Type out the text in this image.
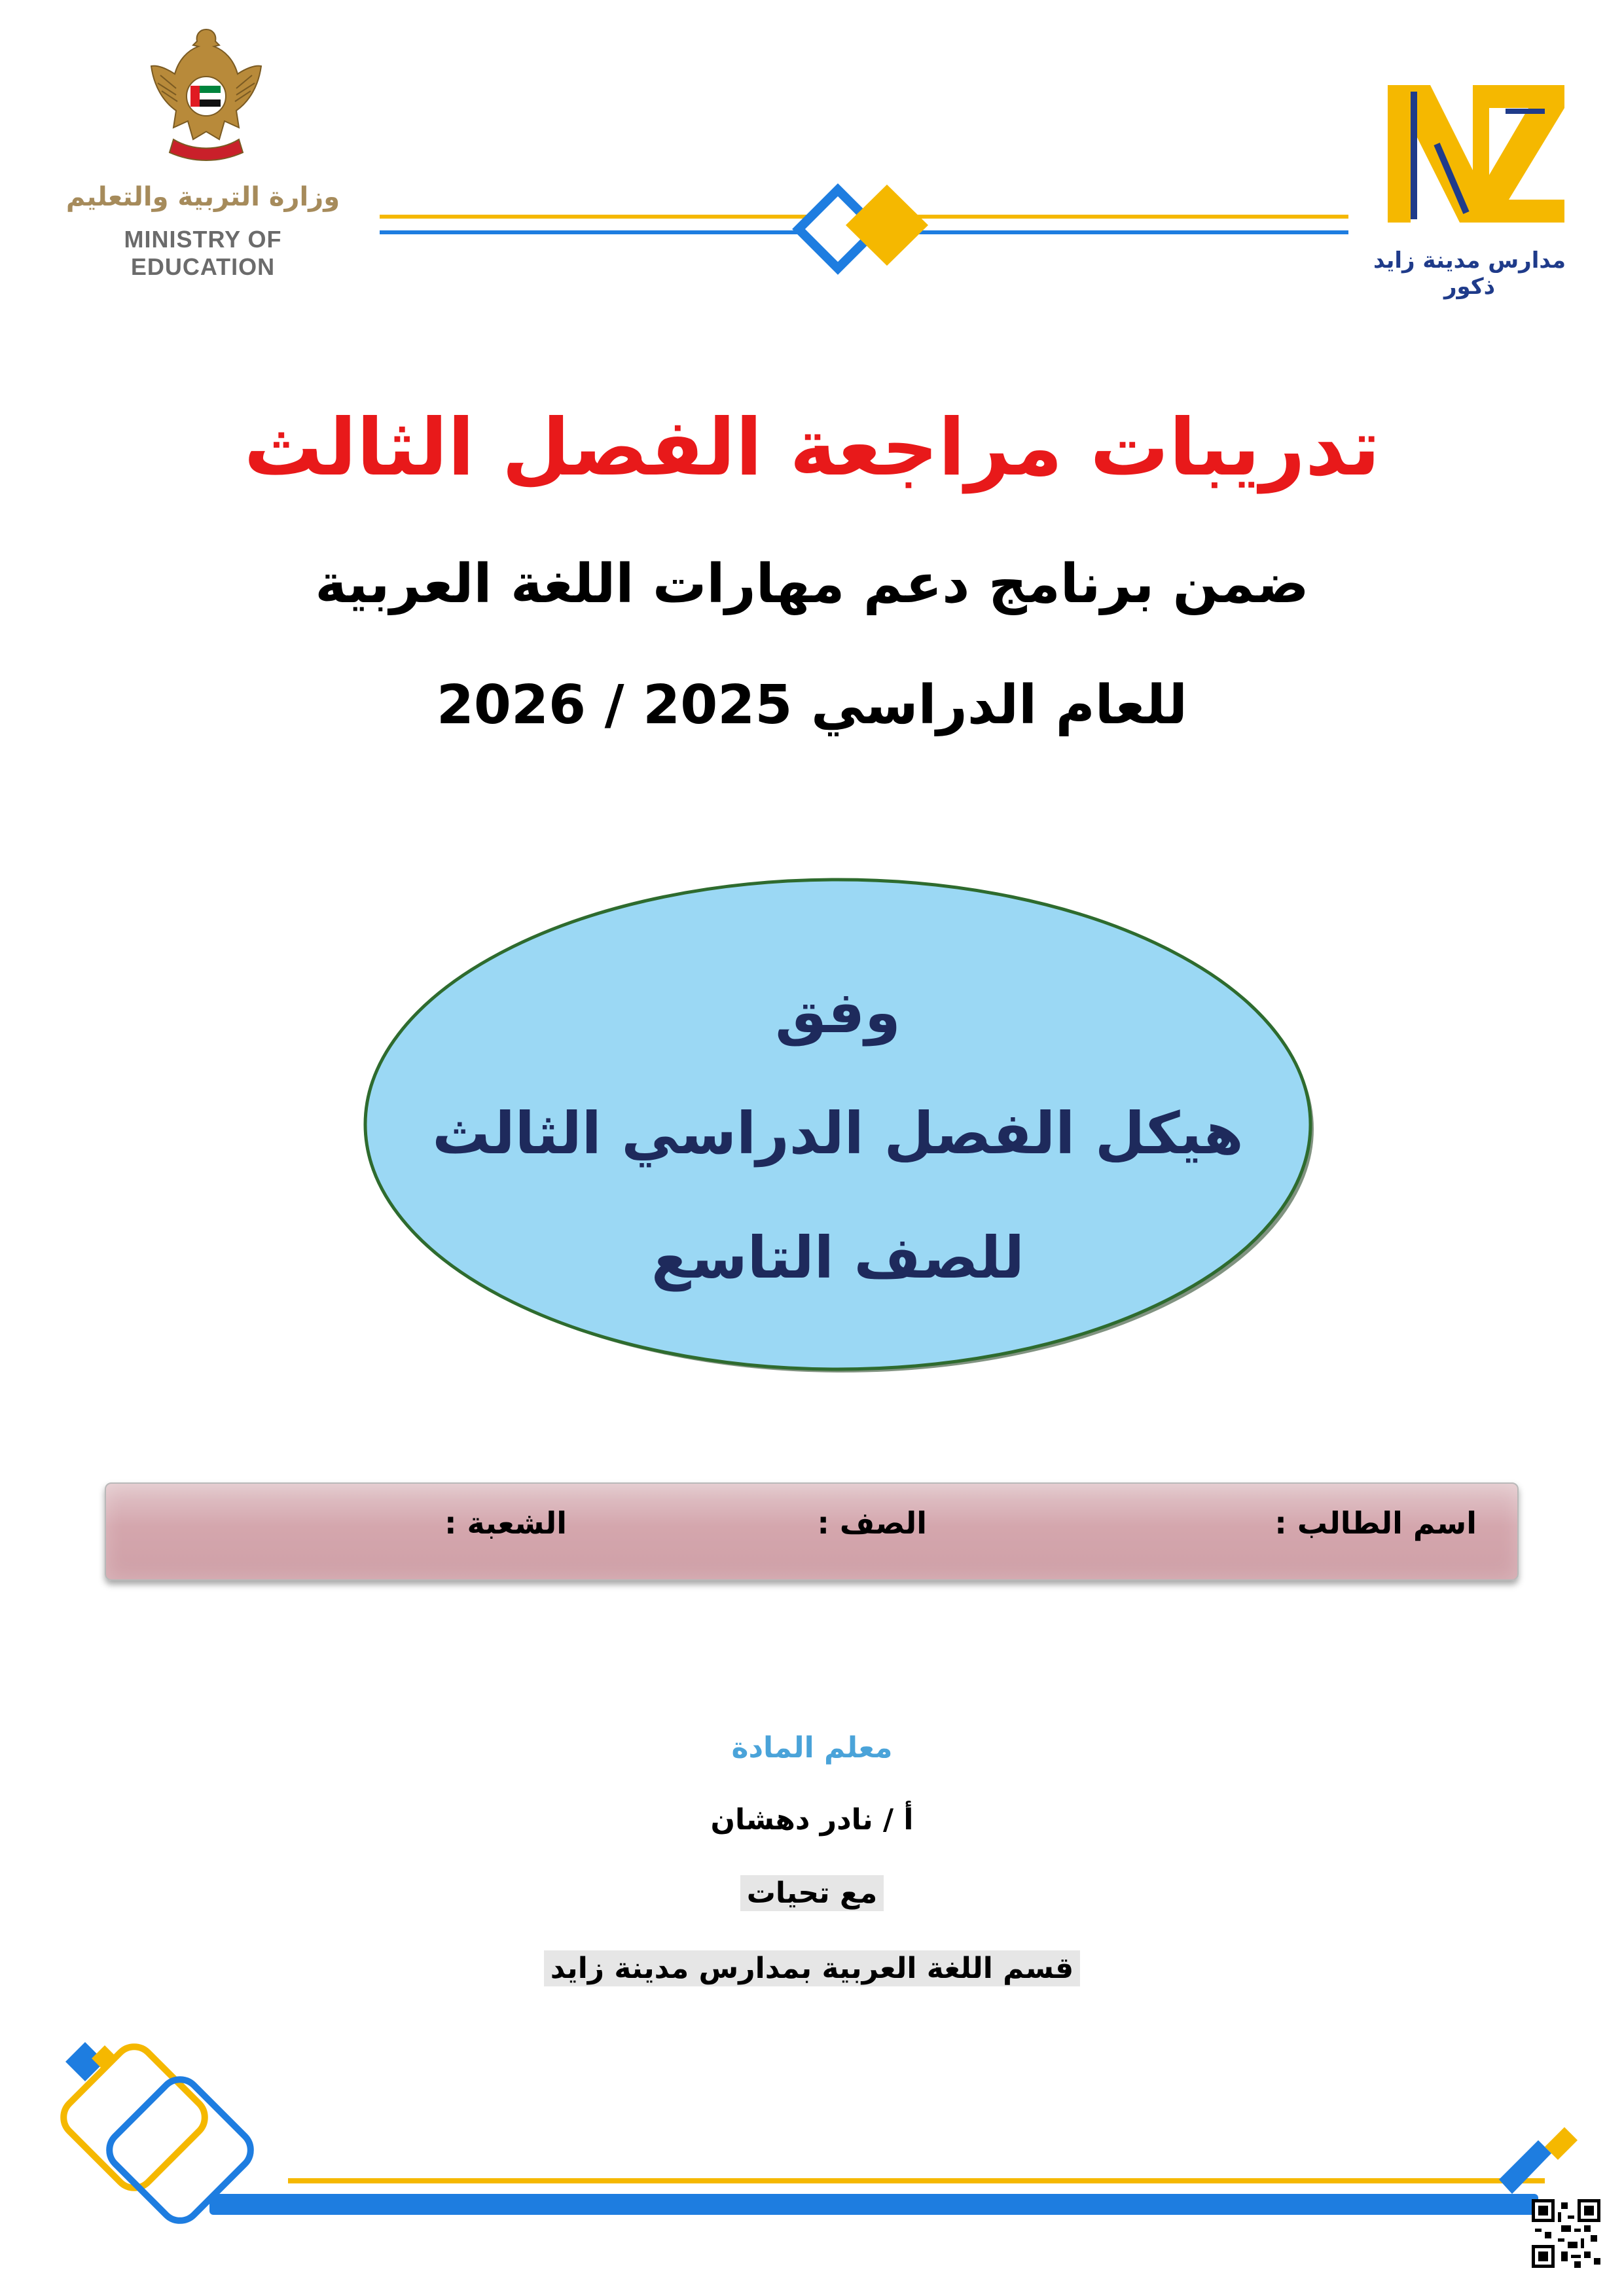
وزارة التربية والتعليم
MINISTRY OF EDUCATION	مدارس مدينة زايد ذكور
تدريبات مراجعة الفصل الثالث
ضمن برنامج دعم مهارات اللغة العربية
للعام الدراسي 2025 / 2026
وفق
هيكل الفصل الدراسي الثالث
للصف التاسع
اسم الطالب :
الصف :
الشعبة :
معلم المادة
أ / نادر دهشان
مع تحيات
قسم اللغة العربية بمدارس مدينة زايد
